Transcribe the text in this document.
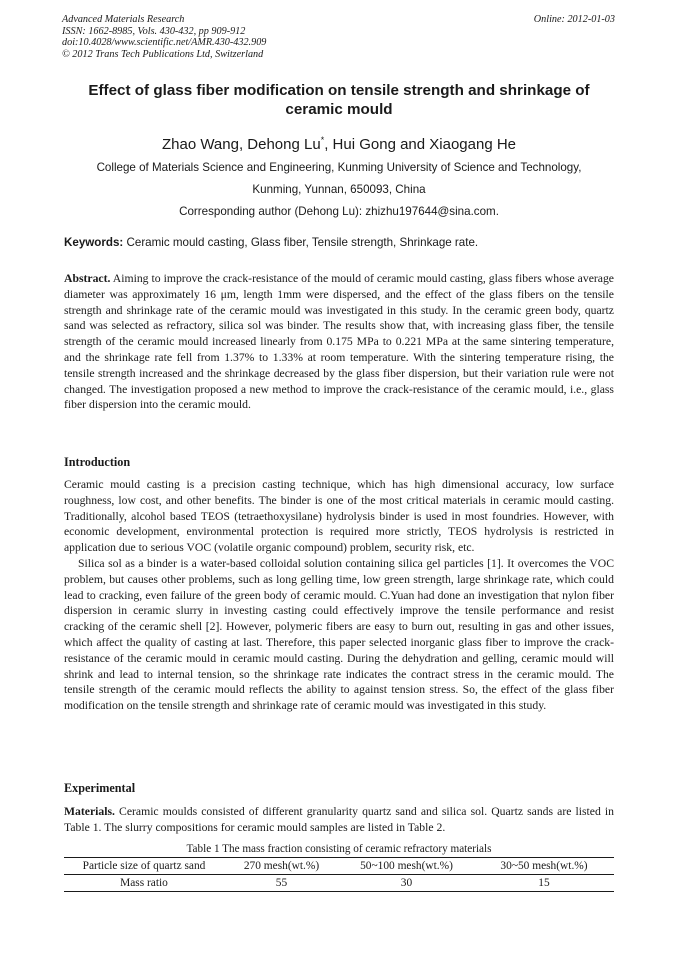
Advanced Materials Research
ISSN: 1662-8985, Vols. 430-432, pp 909-912
doi:10.4028/www.scientific.net/AMR.430-432.909
© 2012 Trans Tech Publications Ltd, Switzerland
Online: 2012-01-03
Effect of glass fiber modification on tensile strength and shrinkage of ceramic mould
Zhao Wang, Dehong Lu*, Hui Gong and Xiaogang He
College of Materials Science and Engineering, Kunming University of Science and Technology,
Kunming, Yunnan, 650093, China
Corresponding author (Dehong Lu): zhizhu197644@sina.com.
Keywords: Ceramic mould casting, Glass fiber, Tensile strength, Shrinkage rate.

Abstract. Aiming to improve the crack-resistance of the mould of ceramic mould casting, glass fibers whose average diameter was approximately 16 μm, length 1mm were dispersed, and the effect of the glass fibers on the tensile strength and shrinkage rate of the ceramic mould was investigated in this study. In the ceramic green body, quartz sand was selected as refractory, silica sol was binder. The results show that, with increasing glass fiber, the tensile strength of the ceramic mould increased linearly from 0.175 MPa to 0.221 MPa at the same sintering temperature, and the shrinkage rate fell from 1.37% to 1.33% at room temperature. With the sintering temperature rising, the tensile strength increased and the shrinkage decreased by the glass fiber dispersion, but their variation rule were not changed. The investigation proposed a new method to improve the crack-resistance of the ceramic mould, i.e., glass fiber dispersion into the ceramic mould.

Introduction

Ceramic mould casting is a precision casting technique, which has high dimensional accuracy, low surface roughness, low cost, and other benefits. The binder is one of the most critical materials in ceramic mould casting. Traditionally, alcohol based TEOS (tetraethoxysilane) hydrolysis binder is used in most foundries. However, with economic development, environmental protection is required more strictly, TEOS hydrolysis is restricted in application due to serious VOC (volatile organic compound) problem, security risk, etc.

Silica sol as a binder is a water-based colloidal solution containing silica gel particles [1]. It overcomes the VOC problem, but causes other problems, such as long gelling time, low green strength, large shrinkage rate, which could lead to cracking, even failure of the green body of ceramic mould. C.Yuan had done an investigation that nylon fiber dispersion in ceramic slurry in investing casting could effectively improve the tensile performance and resist cracking of the ceramic shell [2]. However, polymeric fibers are easy to burn out, resulting in gas and other issues, which affect the quality of casting at last. Therefore, this paper selected inorganic glass fiber to improve the crack-resistance of the ceramic mould in ceramic mould casting. During the dehydration and gelling, ceramic mould will shrink and lead to internal tension, so the shrinkage rate indicates the contract stress in the ceramic mould. The tensile strength of the ceramic mould reflects the ability to against tension stress. So, the effect of the glass fiber modification on the tensile strength and shrinkage rate of ceramic mould was investigated in this study.

Experimental

Materials. Ceramic moulds consisted of different granularity quartz sand and silica sol. Quartz sands are listed in Table 1. The slurry compositions for ceramic mould samples are listed in Table 2.

Table 1 The mass fraction consisting of ceramic refractory materials
Particle size of quartz sand	270 mesh(wt.%)	50~100 mesh(wt.%)	30~50 mesh(wt.%)
Mass ratio	55	30	15
